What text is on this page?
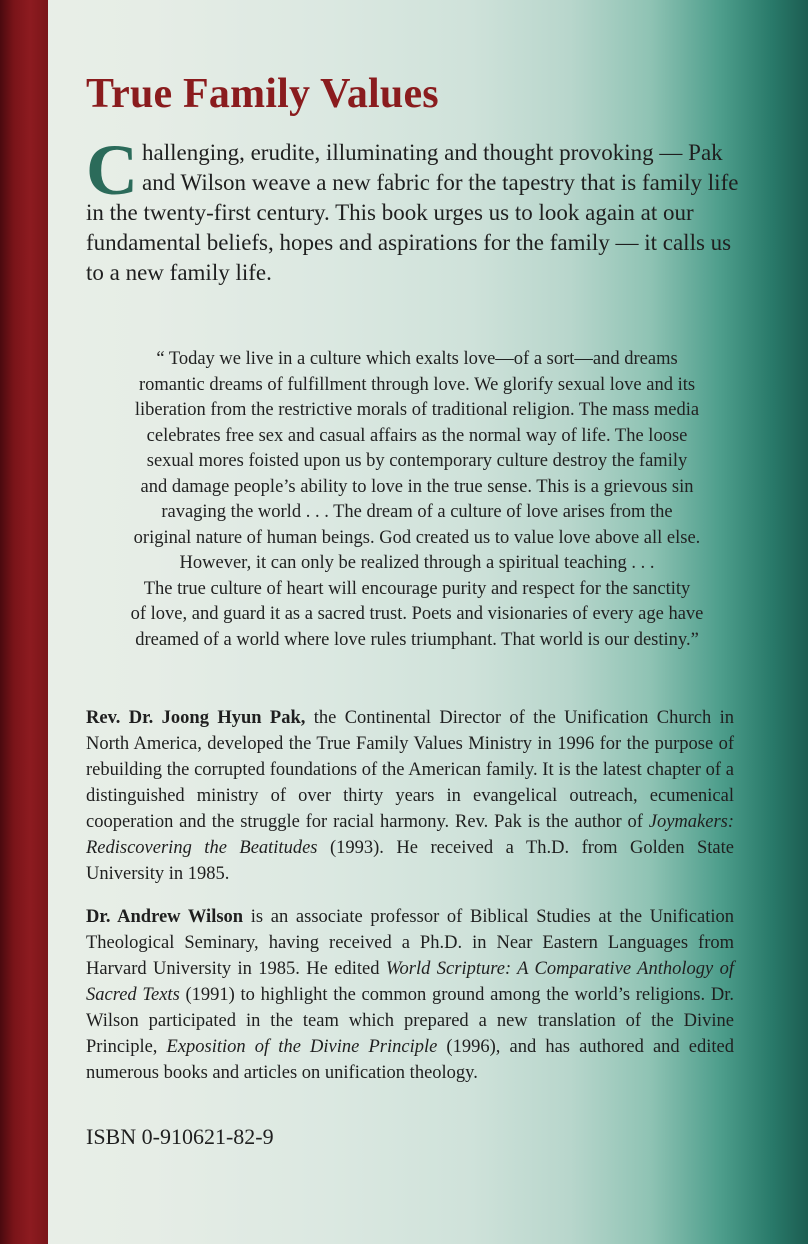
True Family Values

Challenging, erudite, illuminating and thought provoking — Pak and Wilson weave a new fabric for the tapestry that is family life in the twenty-first century. This book urges us to look again at our fundamental beliefs, hopes and aspirations for the family — it calls us to a new family life.

“ Today we live in a culture which exalts love—of a sort—and dreams
romantic dreams of fulfillment through love. We glorify sexual love and its
liberation from the restrictive morals of traditional religion. The mass media
celebrates free sex and casual affairs as the normal way of life. The loose
sexual mores foisted upon us by contemporary culture destroy the family
and damage people’s ability to love in the true sense. This is a grievous sin
ravaging the world . . . The dream of a culture of love arises from the
original nature of human beings. God created us to value love above all else.
However, it can only be realized through a spiritual teaching . . .
The true culture of heart will encourage purity and respect for the sanctity
of love, and guard it as a sacred trust. Poets and visionaries of every age have
dreamed of a world where love rules triumphant. That world is our destiny.”

Rev. Dr. Joong Hyun Pak, the Continental Director of the Unification Church in North America, developed the True Family Values Ministry in 1996 for the purpose of rebuilding the corrupted foundations of the American family. It is the latest chapter of a distinguished ministry of over thirty years in evangelical outreach, ecumenical cooperation and the struggle for racial harmony. Rev. Pak is the author of Joymakers: Rediscovering the Beatitudes (1993). He received a Th.D. from Golden State University in 1985.

Dr. Andrew Wilson is an associate professor of Biblical Studies at the Unification Theological Seminary, having received a Ph.D. in Near Eastern Languages from Harvard University in 1985. He edited World Scripture: A Comparative Anthology of Sacred Texts (1991) to highlight the common ground among the world’s religions. Dr. Wilson participated in the team which prepared a new translation of the Divine Principle, Exposition of the Divine Principle (1996), and has authored and edited numerous books and articles on unification theology.

ISBN 0-910621-82-9
